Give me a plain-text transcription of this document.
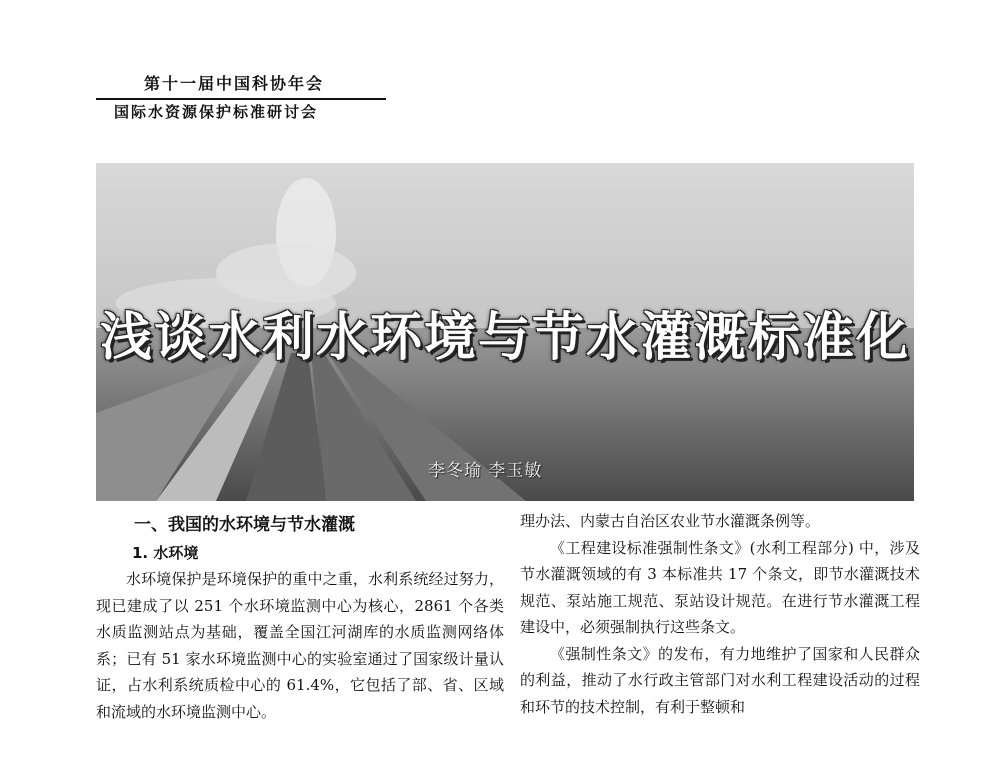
第十一届中国科协年会
国际水资源保护标准研讨会
浅谈水利水环境与节水灌溉标准化
李冬瑜 李玉敏
一、我国的水环境与节水灌溉
1. 水环境

水环境保护是环境保护的重中之重，水利系统经过努力，现已建成了以 251 个水环境监测中心为核心，2861 个各类水质监测站点为基础，覆盖全国江河湖库的水质监测网络体系；已有 51 家水环境监测中心的实验室通过了国家级计量认证，占水利系统质检中心的 61.4%，它包括了部、省、区域和流域的水环境监测中心。

理办法、内蒙古自治区农业节水灌溉条例等。

《工程建设标准强制性条文》(水利工程部分) 中，涉及节水灌溉领域的有 3 本标准共 17 个条文，即节水灌溉技术规范、泵站施工规范、泵站设计规范。在进行节水灌溉工程建设中，必须强制执行这些条文。

《强制性条文》的发布，有力地维护了国家和人民群众的利益，推动了水行政主管部门对水利工程建设活动的过程和环节的技术控制，有利于整顿和
